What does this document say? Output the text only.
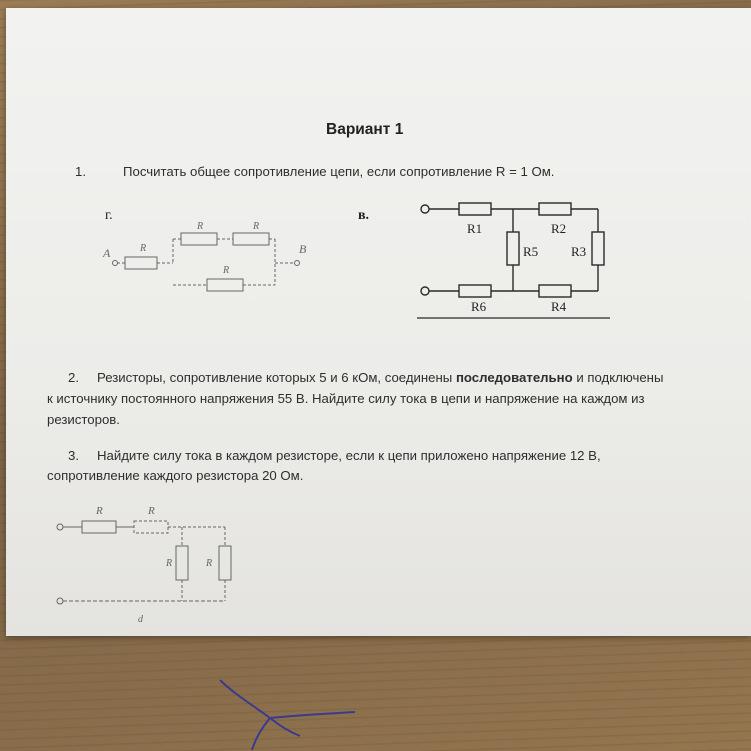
Вариант 1
1.	Посчитать общее сопротивление цепи, если сопротивление R = 1 Ом.
г.
A	B
R
R	R
R
в.
R1	R2
R3
R5
R6	R4
2. Резисторы, сопротивление которых 5 и 6 кОм, соединены последовательно и подключены
к источнику постоянного напряжения 55 В. Найдите силу тока в цепи и напряжение на каждом из
резисторов.
3. Найдите силу тока в каждом резисторе, если к цепи приложено напряжение 12 В,
сопротивление каждого резистора 20 Ом.
R	R
R	R
d
